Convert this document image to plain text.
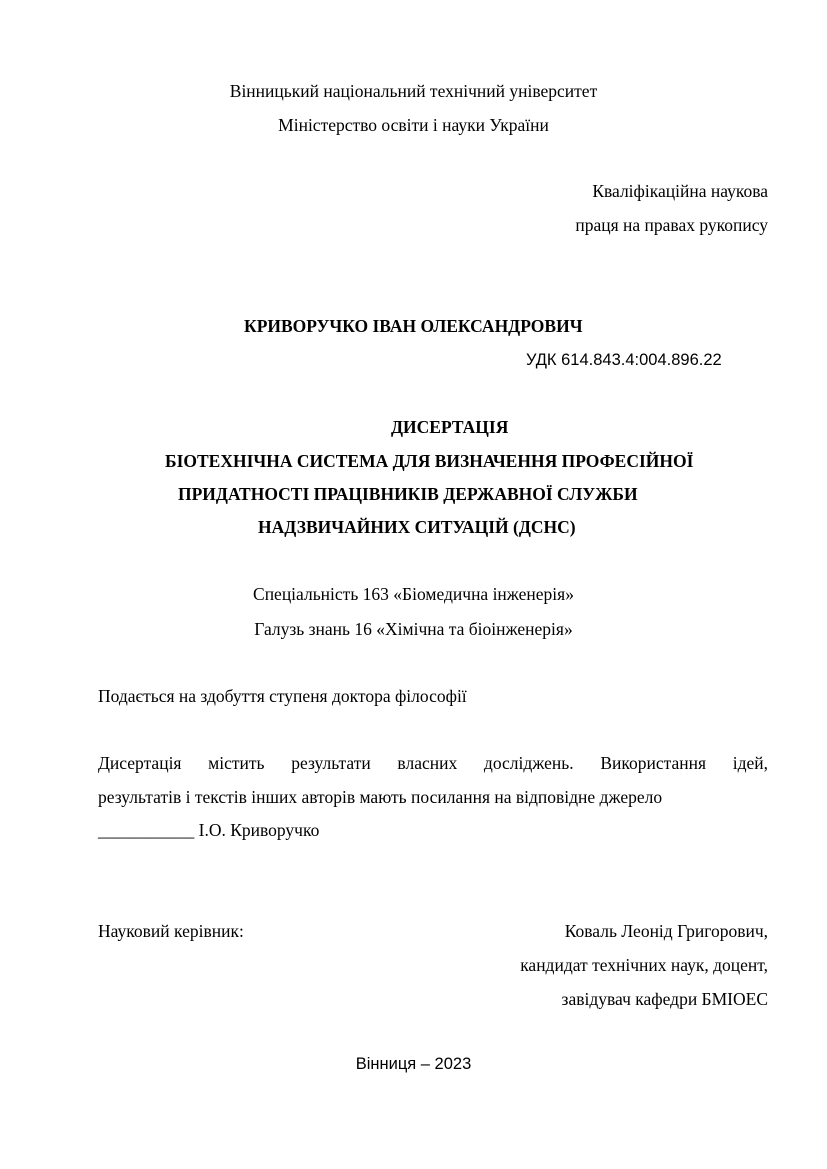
Вінницький національний технічний університет
Міністерство освіти і науки України
Кваліфікаційна наукова
праця на правах рукопису
КРИВОРУЧКО ІВАН ОЛЕКСАНДРОВИЧ
УДК 614.843.4:004.896.22
ДИСЕРТАЦІЯ
БІОТЕХНІЧНА СИСТЕМА ДЛЯ ВИЗНАЧЕННЯ ПРОФЕСІЙНОЇ
ПРИДАТНОСТІ ПРАЦІВНИКІВ ДЕРЖАВНОЇ СЛУЖБИ
НАДЗВИЧАЙНИХ СИТУАЦІЙ (ДСНС)
Спеціальність 163 «Біомедична інженерія»
Галузь знань 16 «Хімічна та біоінженерія»
Подається на здобуття ступеня доктора філософії
Дисертація містить результати власних досліджень. Використання ідей,
результатів і текстів інших авторів мають посилання на відповідне джерело
___________ І.О. Криворучко
Науковий керівник:	Коваль Леонід Григорович,
кандидат технічних наук, доцент,
завідувач кафедри БМІОЕС
Вінниця – 2023
